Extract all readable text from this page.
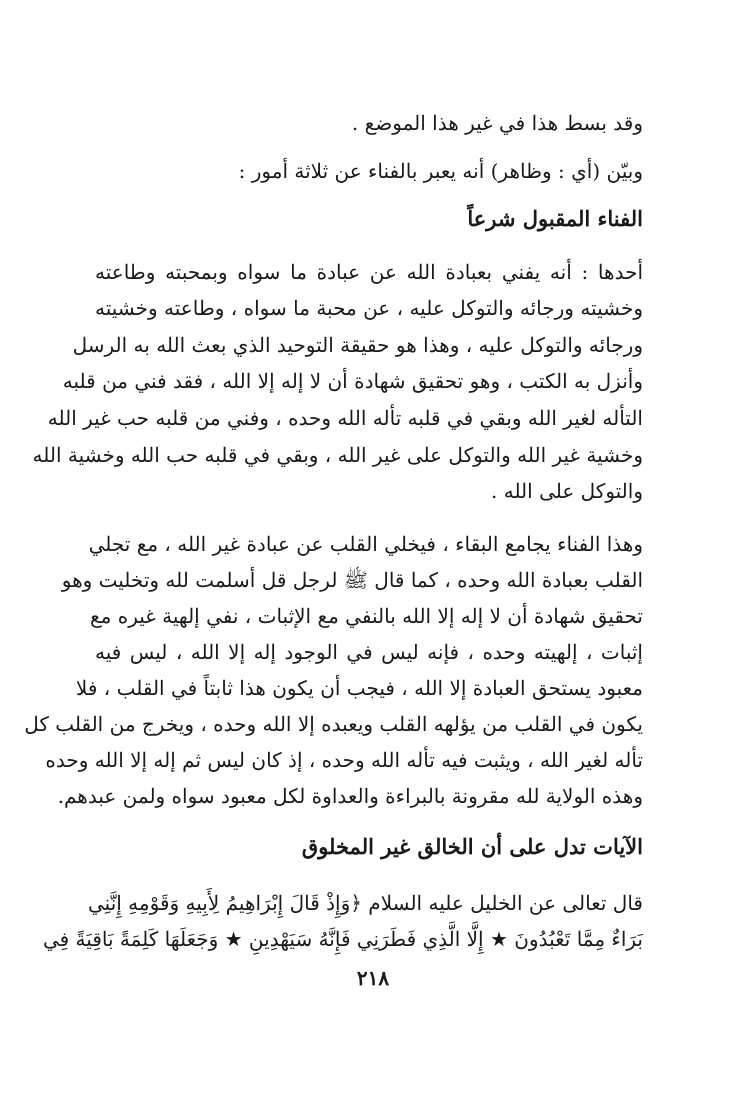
وقد بسط هذا في غير هذا الموضع .
وبيّن (أي : وظاهر) أنه يعبر بالفناء عن ثلاثة أمور :
الفناء المقبول شرعاً
أحدها : أنه يفني بعبادة الله عن عبادة ما سواه وبمحبته وطاعته
وخشيته ورجائه والتوكل عليه ، عن محبة ما سواه ، وطاعته وخشيته
ورجائه والتوكل عليه ، وهذا هو حقيقة التوحيد الذي بعث الله به الرسل
وأنزل به الكتب ، وهو تحقيق شهادة أن لا إله إلا الله ، فقد فني من قلبه
التأله لغير الله وبقي في قلبه تأله الله وحده ، وفني من قلبه حب غير الله
وخشية غير الله والتوكل على غير الله ، وبقي في قلبه حب الله وخشية الله
والتوكل على الله .
وهذا الفناء يجامع البقاء ، فيخلي القلب عن عبادة غير الله ، مع تجلي
القلب بعبادة الله وحده ، كما قال ﷺ لرجل قل أسلمت لله وتخليت وهو
تحقيق شهادة أن لا إله إلا الله بالنفي مع الإثبات ، نفي إلهية غيره مع
إثبات ، إلهيته وحده ، فإنه ليس في الوجود إله إلا الله ، ليس فيه
معبود يستحق العبادة إلا الله ، فيجب أن يكون هذا ثابتاً في القلب ، فلا
يكون في القلب من يؤلهه القلب ويعبده إلا الله وحده ، ويخرج من القلب كل
تأله لغير الله ، ويثبت فيه تأله الله وحده ، إذ كان ليس ثم إله إلا الله وحده
وهذه الولاية لله مقرونة بالبراءة والعداوة لكل معبود سواه ولمن عبدهم.
الآيات تدل على أن الخالق غير المخلوق
قال تعالى عن الخليل عليه السلام ﴿وَإِذْ قَالَ إِبْرَاهِيمُ لِأَبِيهِ وَقَوْمِهِ إِنَّنِي
بَرَاءٌ مِمَّا تَعْبُدُونَ ★ إِلَّا الَّذِي فَطَرَنِي فَإِنَّهُ سَيَهْدِينِ ★ وَجَعَلَهَا كَلِمَةً بَاقِيَةً فِي
٢١٨
